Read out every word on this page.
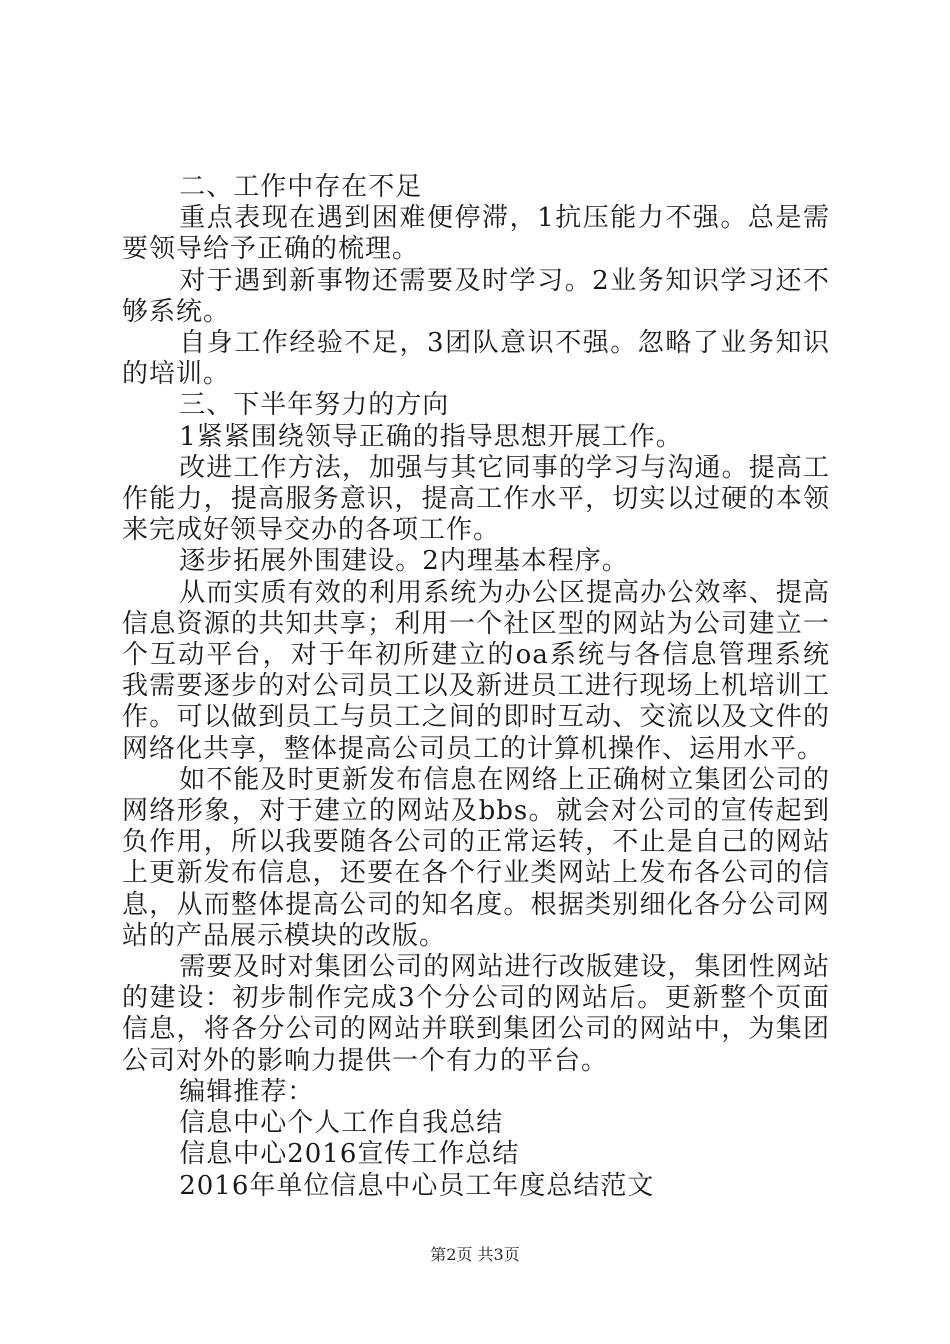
二、工作中存在不足

重点表现在遇到困难便停滞，1抗压能力不强。总是需要领导给予正确的梳理。

对于遇到新事物还需要及时学习。2业务知识学习还不够系统。

自身工作经验不足，3团队意识不强。忽略了业务知识的培训。

三、下半年努力的方向

1紧紧围绕领导正确的指导思想开展工作。

改进工作方法，加强与其它同事的学习与沟通。提高工作能力，提高服务意识，提高工作水平，切实以过硬的本领来完成好领导交办的各项工作。

逐步拓展外围建设。2内理基本程序。

从而实质有效的利用系统为办公区提高办公效率、提高信息资源的共知共享；利用一个社区型的网站为公司建立一个互动平台，对于年初所建立的oa系统与各信息管理系统我需要逐步的对公司员工以及新进员工进行现场上机培训工作。可以做到员工与员工之间的即时互动、交流以及文件的网络化共享，整体提高公司员工的计算机操作、运用水平。

如不能及时更新发布信息在网络上正确树立集团公司的网络形象，对于建立的网站及bbs。就会对公司的宣传起到负作用，所以我要随各公司的正常运转，不止是自己的网站上更新发布信息，还要在各个行业类网站上发布各公司的信息，从而整体提高公司的知名度。根据类别细化各分公司网站的产品展示模块的改版。

需要及时对集团公司的网站进行改版建设，集团性网站的建设：初步制作完成3个分公司的网站后。更新整个页面信息，将各分公司的网站并联到集团公司的网站中，为集团公司对外的影响力提供一个有力的平台。

编辑推荐：

信息中心个人工作自我总结

信息中心2016宣传工作总结

2016年单位信息中心员工年度总结范文

第2页 共3页
